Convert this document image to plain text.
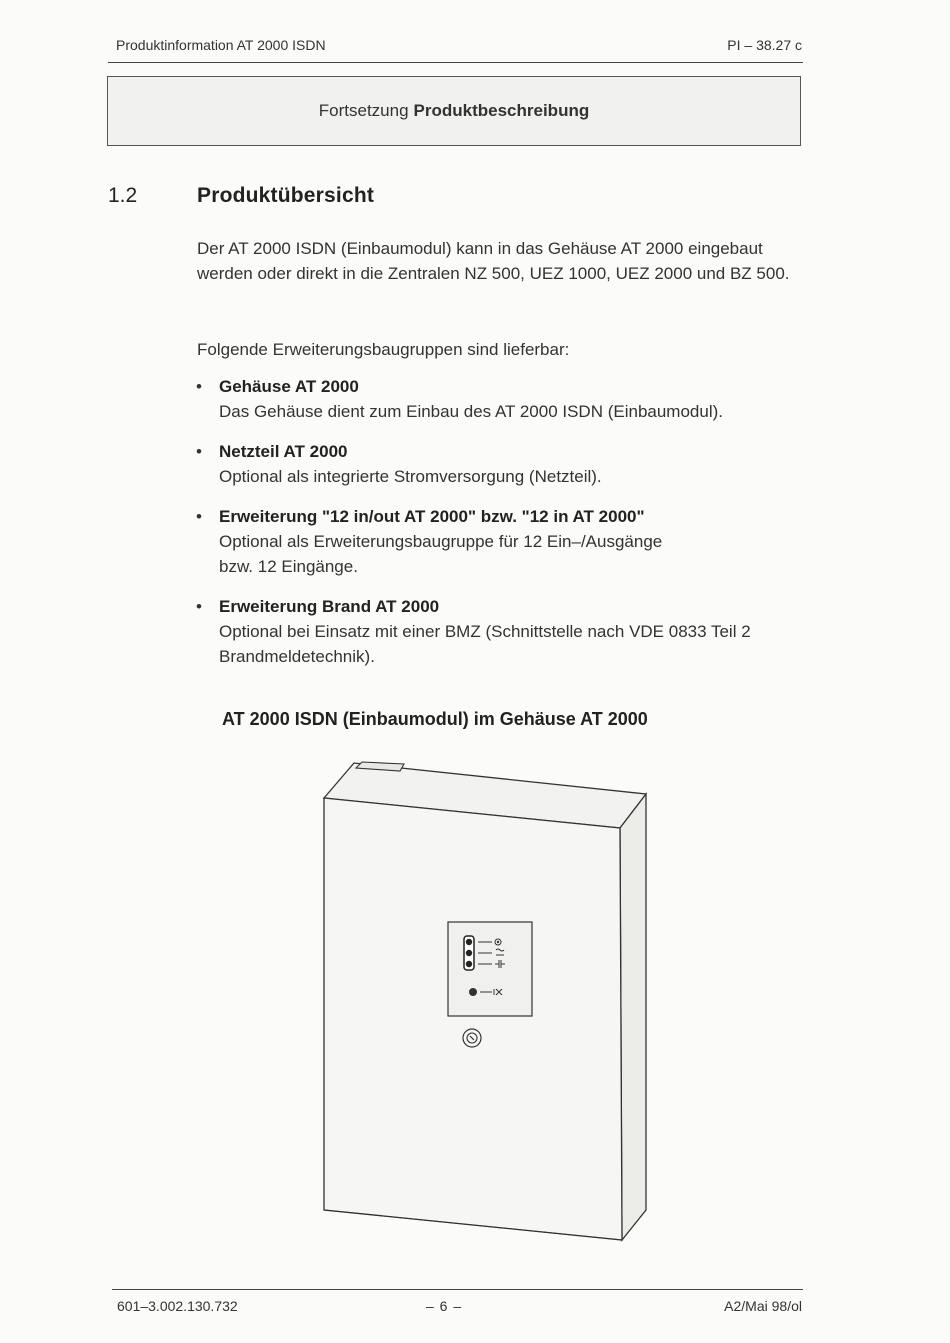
Produktinformation AT 2000 ISDN	PI – 38.27 c
Fortsetzung Produktbeschreibung
1.2	Produktübersicht
Der AT 2000 ISDN (Einbaumodul) kann in das Gehäuse AT 2000 eingebaut werden oder direkt in die Zentralen NZ 500, UEZ 1000, UEZ 2000 und BZ 500.
Folgende Erweiterungsbaugruppen sind lieferbar:
• Gehäuse AT 2000
Das Gehäuse dient zum Einbau des AT 2000 ISDN (Einbaumodul).
• Netzteil AT 2000
Optional als integrierte Stromversorgung (Netzteil).
• Erweiterung "12 in/out AT 2000" bzw. "12 in AT 2000"
Optional als Erweiterungsbaugruppe für 12 Ein–/Ausgänge
bzw. 12 Eingänge.
• Erweiterung Brand AT 2000
Optional bei Einsatz mit einer BMZ (Schnittstelle nach VDE 0833 Teil 2 Brandmeldetechnik).
AT 2000 ISDN (Einbaumodul) im Gehäuse AT 2000
601–3.002.130.732	– 6 –	A2/Mai 98/ol
